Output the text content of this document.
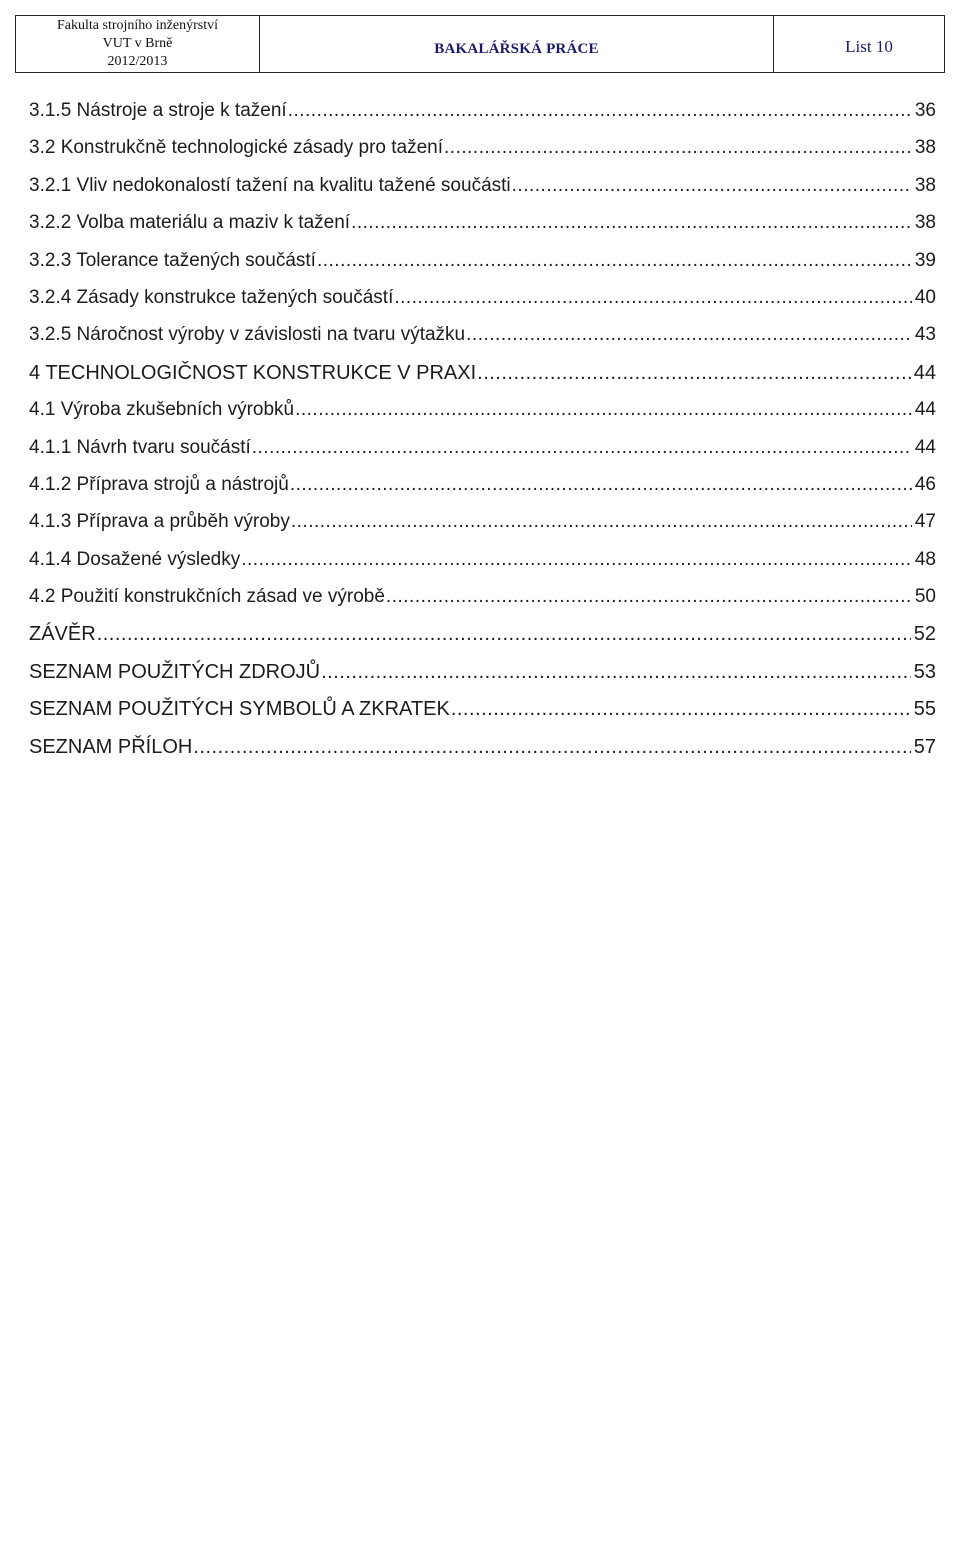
Fakulta strojního inženýrství
VUT v Brně
2012/2013
BAKALÁŘSKÁ PRÁCE	List 10
3.1.5 Nástroje a stroje k tažení .....	36
3.2 Konstrukčně technologické zásady pro tažení .....	38
3.2.1 Vliv nedokonalostí tažení na kvalitu tažené součásti .....	38
3.2.2 Volba materiálu a maziv k tažení .....	38
3.2.3 Tolerance tažených součástí .....	39
3.2.4 Zásady konstrukce tažených součástí .....	40
3.2.5 Náročnost výroby v závislosti na tvaru výtažku .....	43
4 TECHNOLOGIČNOST KONSTRUKCE V PRAXI .....	44
4.1 Výroba zkušebních výrobků .....	44
4.1.1 Návrh tvaru součástí .....	44
4.1.2 Příprava strojů a nástrojů .....	46
4.1.3 Příprava a průběh výroby .....	47
4.1.4 Dosažené výsledky .....	48
4.2 Použití konstrukčních zásad ve výrobě .....	50
ZÁVĚR .....	52
SEZNAM POUŽITÝCH ZDROJŮ .....	53
SEZNAM POUŽITÝCH SYMBOLŮ A ZKRATEK .....	55
SEZNAM PŘÍLOH .....	57
